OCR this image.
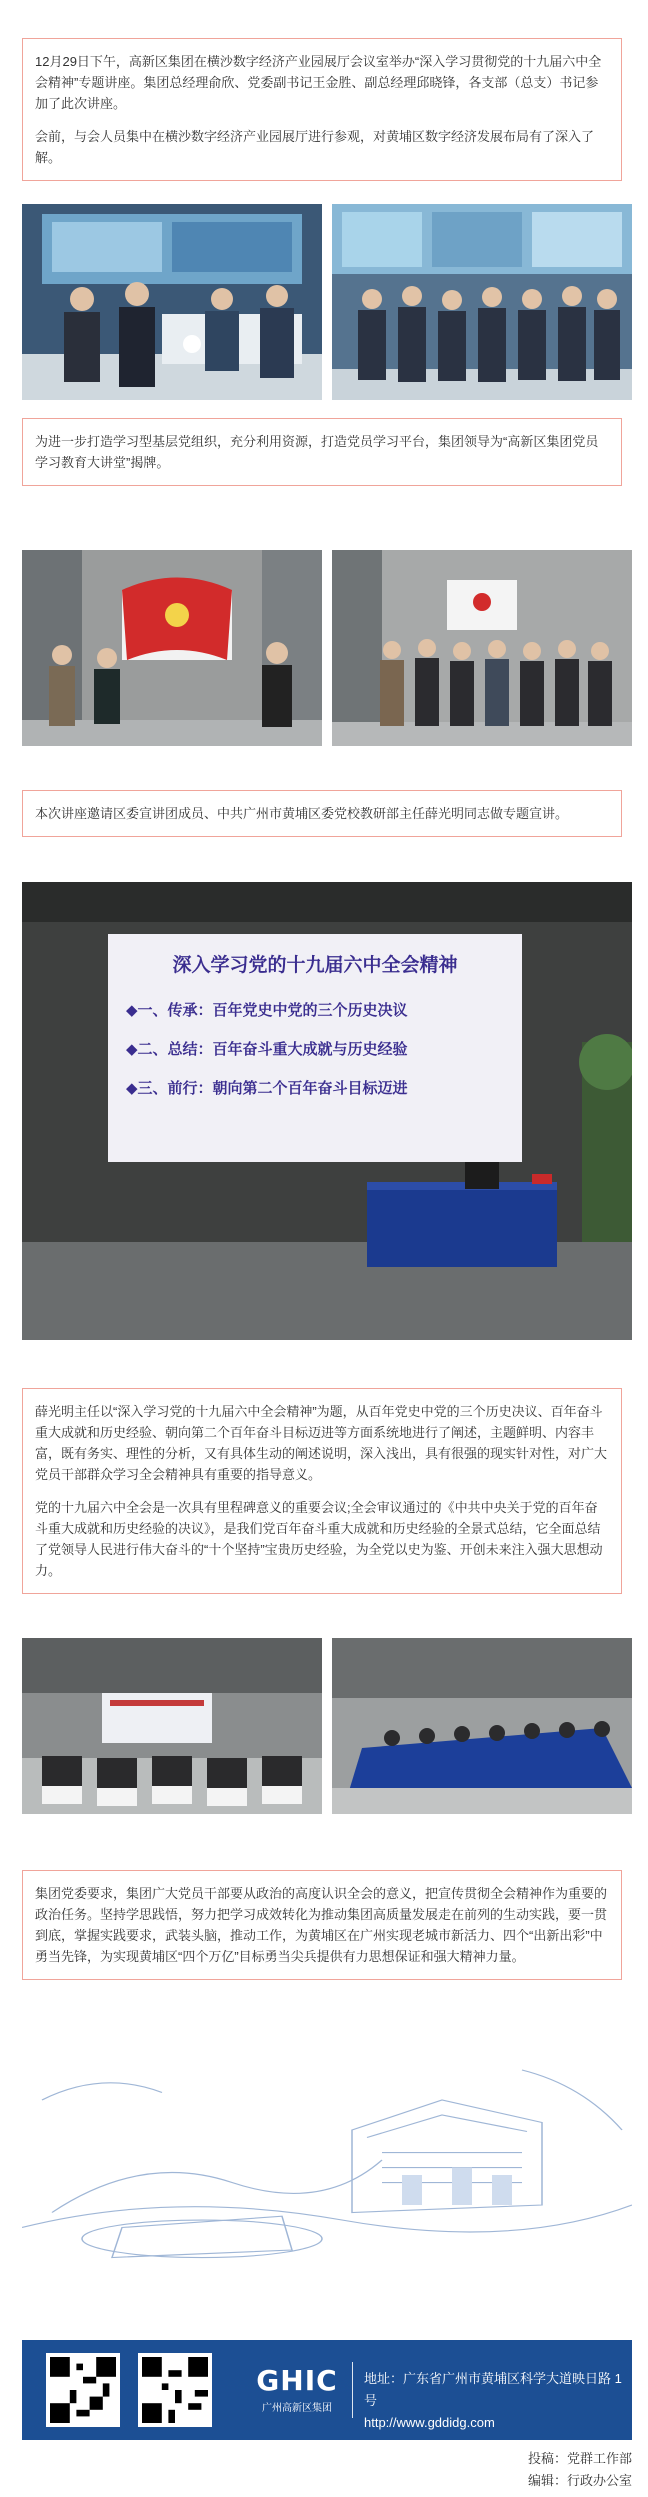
12月29日下午，高新区集团在横沙数字经济产业园展厅会议室举办“深入学习贯彻党的十九届六中全会精神”专题讲座。集团总经理俞欣、党委副书记王金胜、副总经理邱晓锋，各支部（总支）书记参加了此次讲座。

会前，与会人员集中在横沙数字经济产业园展厅进行参观，对黄埔区数字经济发展布局有了深入了解。

为进一步打造学习型基层党组织，充分利用资源，打造党员学习平台，集团领导为“高新区集团党员学习教育大讲堂”揭牌。

本次讲座邀请区委宣讲团成员、中共广州市黄埔区委党校教研部主任薛光明同志做专题宣讲。

深入学习党的十九届六中全会精神
◆一、传承：百年党史中党的三个历史决议
◆二、总结：百年奋斗重大成就与历史经验
◆三、前行：朝向第二个百年奋斗目标迈进

薛光明主任以“深入学习党的十九届六中全会精神”为题，从百年党史中党的三个历史决议、百年奋斗重大成就和历史经验、朝向第二个百年奋斗目标迈进等方面系统地进行了阐述，主题鲜明、内容丰富，既有务实、理性的分析，又有具体生动的阐述说明，深入浅出，具有很强的现实针对性，对广大党员干部群众学习全会精神具有重要的指导意义。

党的十九届六中全会是一次具有里程碑意义的重要会议;全会审议通过的《中共中央关于党的百年奋斗重大成就和历史经验的决议》，是我们党百年奋斗重大成就和历史经验的全景式总结，它全面总结了党领导人民进行伟大奋斗的“十个坚持”宝贵历史经验，为全党以史为鉴、开创未来注入强大思想动力。

集团党委要求，集团广大党员干部要从政治的高度认识全会的意义，把宣传贯彻全会精神作为重要的政治任务。坚持学思践悟，努力把学习成效转化为推动集团高质量发展走在前列的生动实践，要一贯到底，掌握实践要求，武装头脑，推动工作，为黄埔区在广州实现老城市新活力、四个“出新出彩”中勇当先锋，为实现黄埔区“四个万亿”目标勇当尖兵提供有力思想保证和强大精神力量。

GHIC
广州高新区集团
地址：广东省广州市黄埔区科学大道映日路 1 号
http://www.gddidg.com
投稿：党群工作部
编辑：行政办公室
